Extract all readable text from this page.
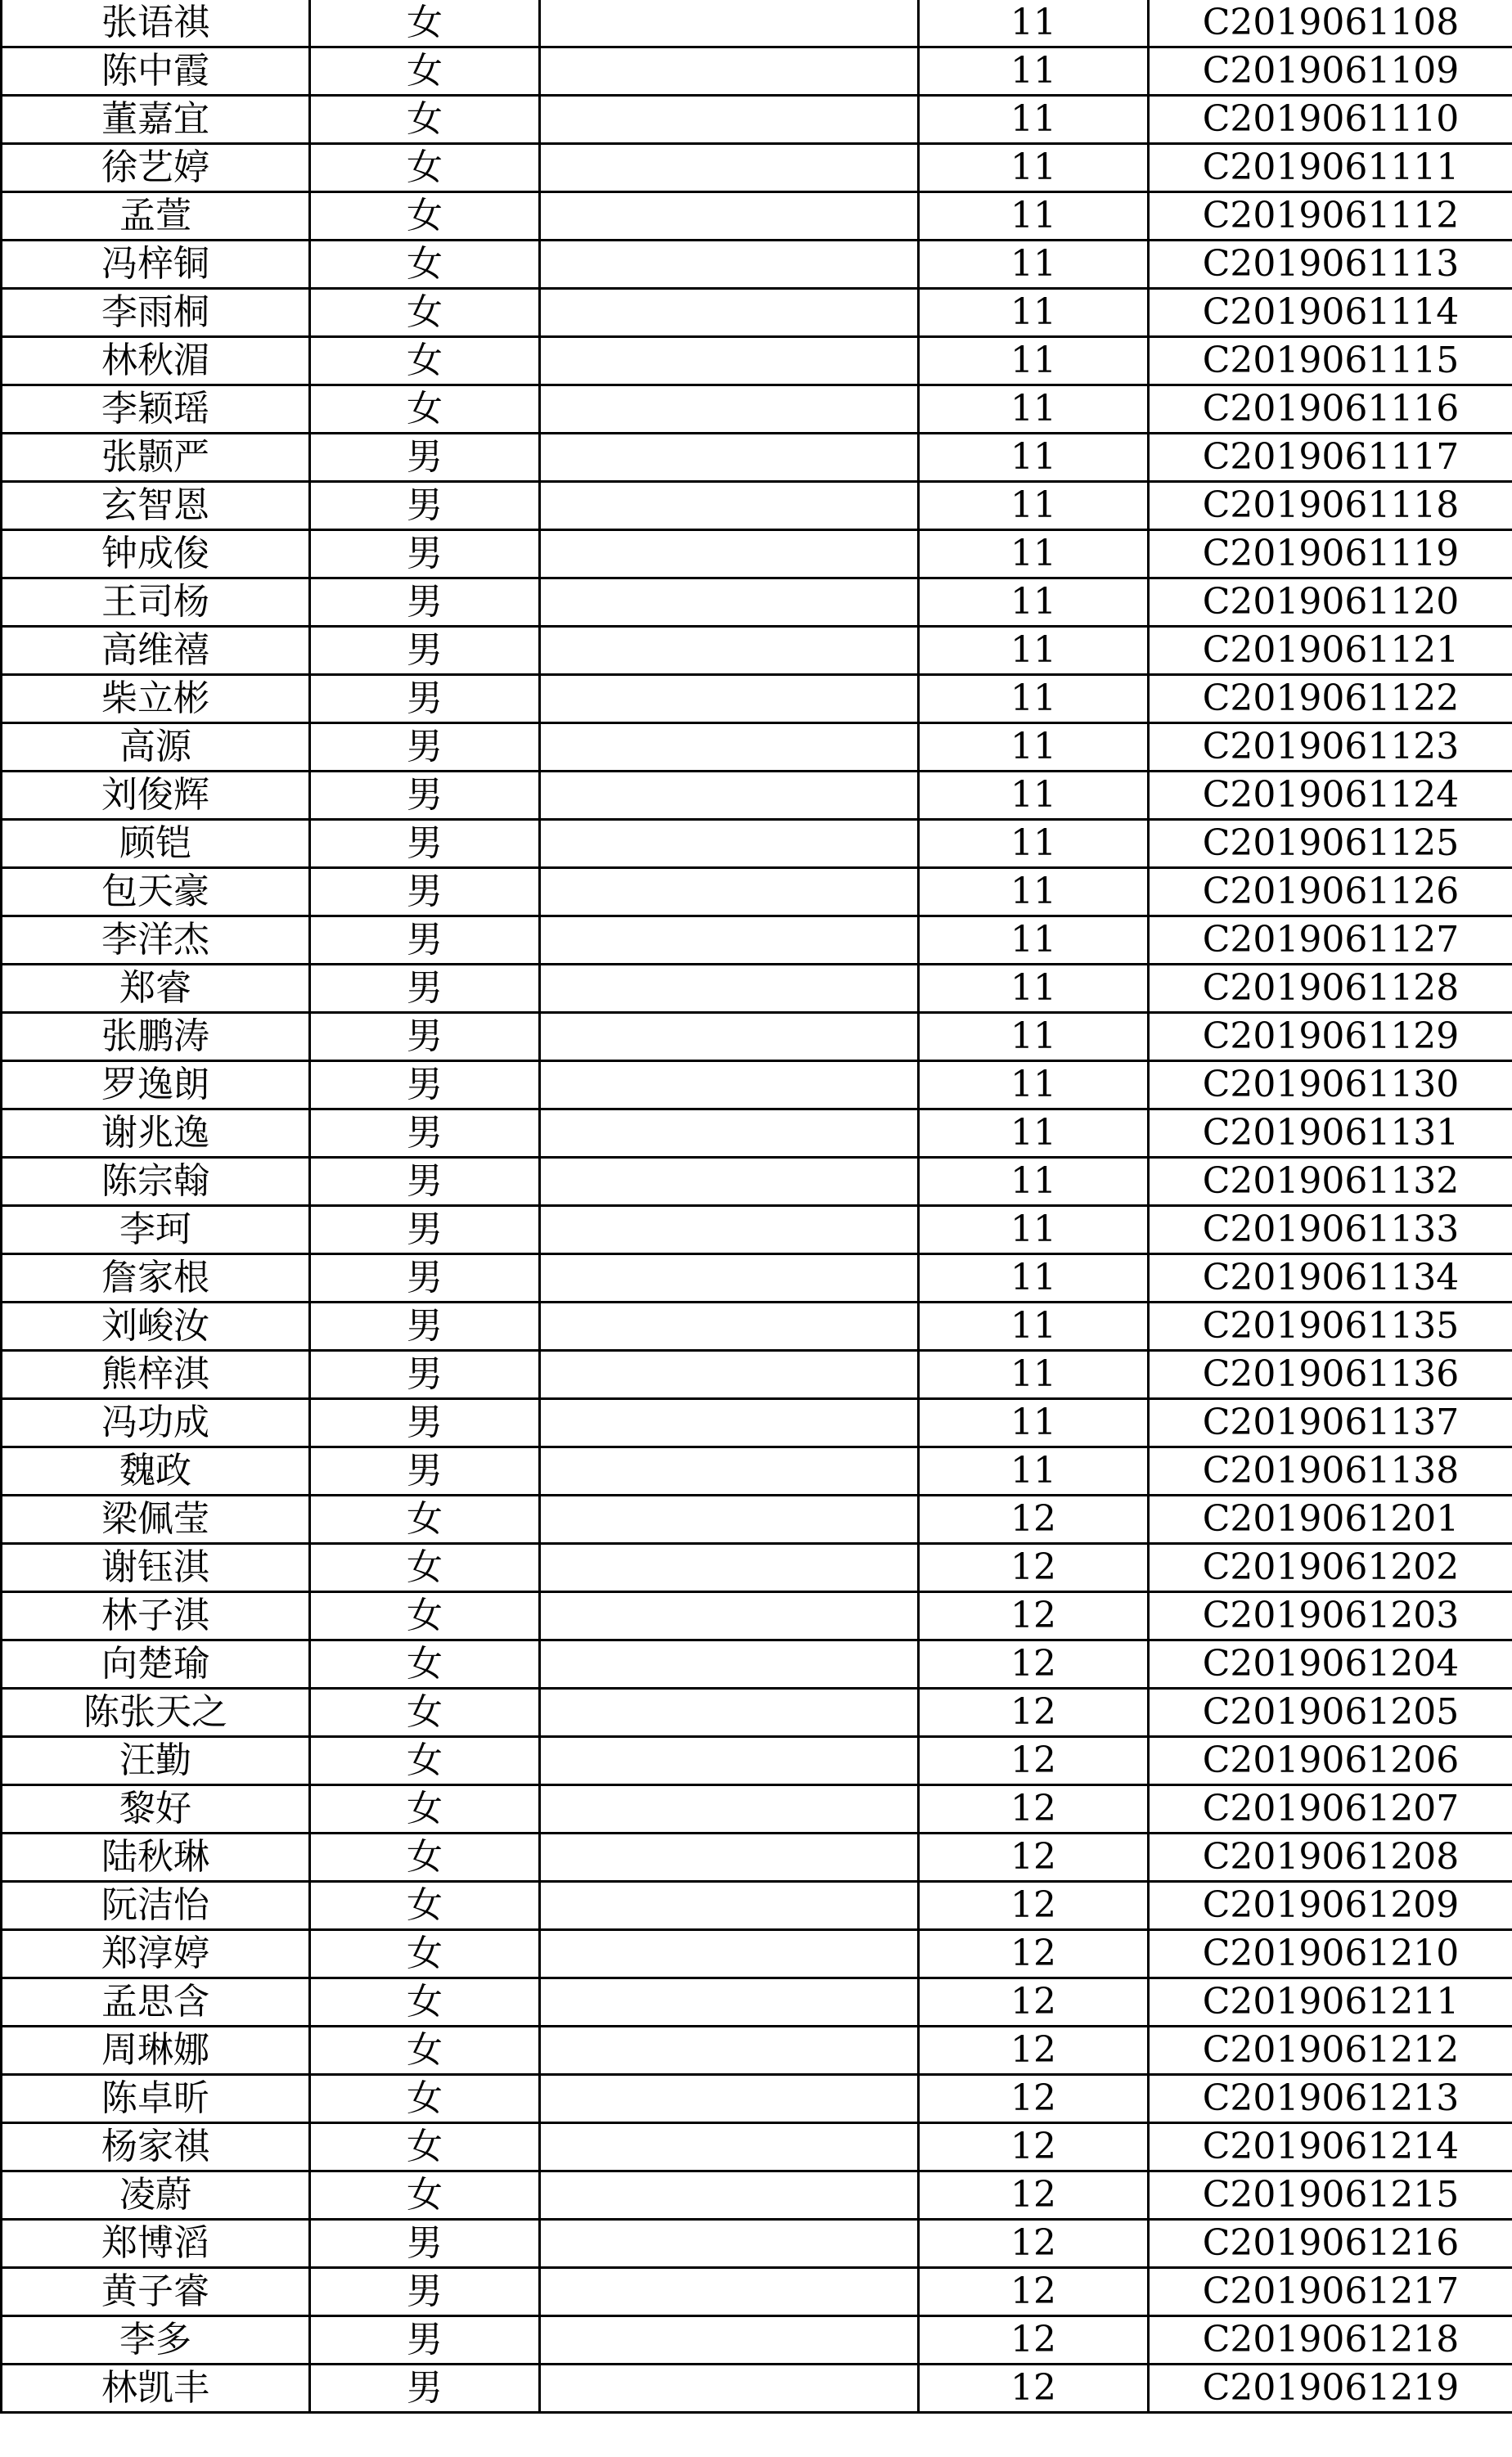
张语祺	女		11	C2019061108
陈中霞	女		11	C2019061109
董嘉宜	女		11	C2019061110
徐艺婷	女		11	C2019061111
孟萱	女		11	C2019061112
冯梓铜	女		11	C2019061113
李雨桐	女		11	C2019061114
林秋湄	女		11	C2019061115
李颖瑶	女		11	C2019061116
张颢严	男		11	C2019061117
玄智恩	男		11	C2019061118
钟成俊	男		11	C2019061119
王司杨	男		11	C2019061120
高维禧	男		11	C2019061121
柴立彬	男		11	C2019061122
高源	男		11	C2019061123
刘俊辉	男		11	C2019061124
顾铠	男		11	C2019061125
包天豪	男		11	C2019061126
李洋杰	男		11	C2019061127
郑睿	男		11	C2019061128
张鹏涛	男		11	C2019061129
罗逸朗	男		11	C2019061130
谢兆逸	男		11	C2019061131
陈宗翰	男		11	C2019061132
李珂	男		11	C2019061133
詹家根	男		11	C2019061134
刘峻汝	男		11	C2019061135
熊梓淇	男		11	C2019061136
冯功成	男		11	C2019061137
魏政	男		11	C2019061138
梁佩莹	女		12	C2019061201
谢钰淇	女		12	C2019061202
林子淇	女		12	C2019061203
向楚瑜	女		12	C2019061204
陈张天之	女		12	C2019061205
汪勤	女		12	C2019061206
黎好	女		12	C2019061207
陆秋琳	女		12	C2019061208
阮洁怡	女		12	C2019061209
郑淳婷	女		12	C2019061210
孟思含	女		12	C2019061211
周琳娜	女		12	C2019061212
陈卓昕	女		12	C2019061213
杨家祺	女		12	C2019061214
凌蔚	女		12	C2019061215
郑博滔	男		12	C2019061216
黄子睿	男		12	C2019061217
李多	男		12	C2019061218
林凯丰	男		12	C2019061219
